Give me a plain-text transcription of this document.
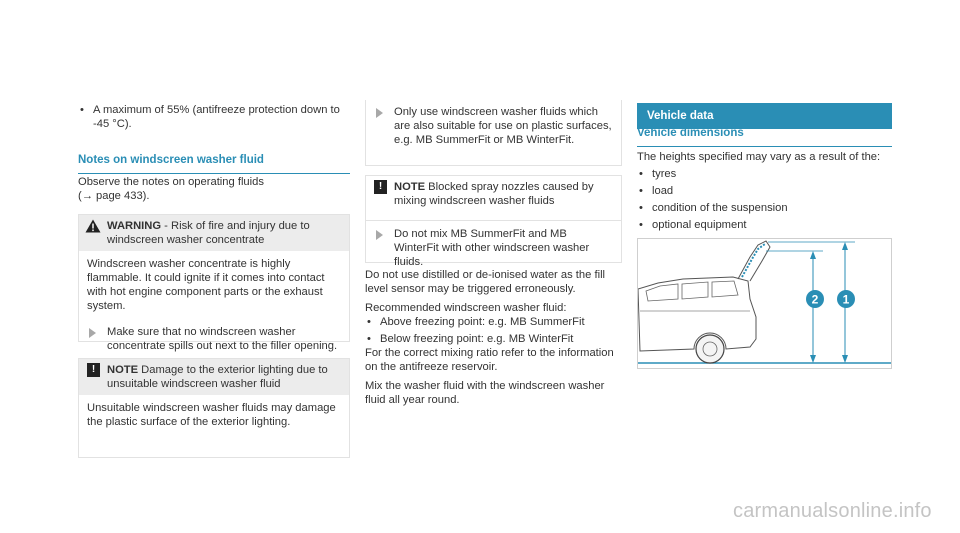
• A maximum of 55% (antifreeze protection down to -45 °C).
Notes on windscreen washer fluid
Observe the notes on operating fluids
(→ page 433).
WARNING - Risk of fire and injury due to windscreen washer concentrate
Windscreen washer concentrate is highly flammable. It could ignite if it comes into contact with hot engine component parts or the exhaust system.
Make sure that no windscreen washer concentrate spills out next to the filler opening.
!	NOTE Damage to the exterior lighting due to unsuitable windscreen washer fluid
Unsuitable windscreen washer fluids may damage the plastic surface of the exterior lighting.
Only use windscreen washer fluids which are also suitable for use on plastic surfaces, e.g. MB SummerFit or MB WinterFit.
!	NOTE Blocked spray nozzles caused by mixing windscreen washer fluids
Do not mix MB SummerFit and MB WinterFit with other windscreen washer fluids.

Do not use distilled or de-ionised water as the fill level sensor may be triggered erroneously.

Recommended windscreen washer fluid:

• Above freezing point: e.g. MB SummerFit
• Below freezing point: e.g. MB WinterFit

For the correct mixing ratio refer to the information on the antifreeze reservoir.

Mix the washer fluid with the windscreen washer fluid all year round.

Vehicle data
Vehicle dimensions
The heights specified may vary as a result of the:
• tyres
• load
• condition of the suspension
• optional equipment
2 1
carmanualsonline.info
